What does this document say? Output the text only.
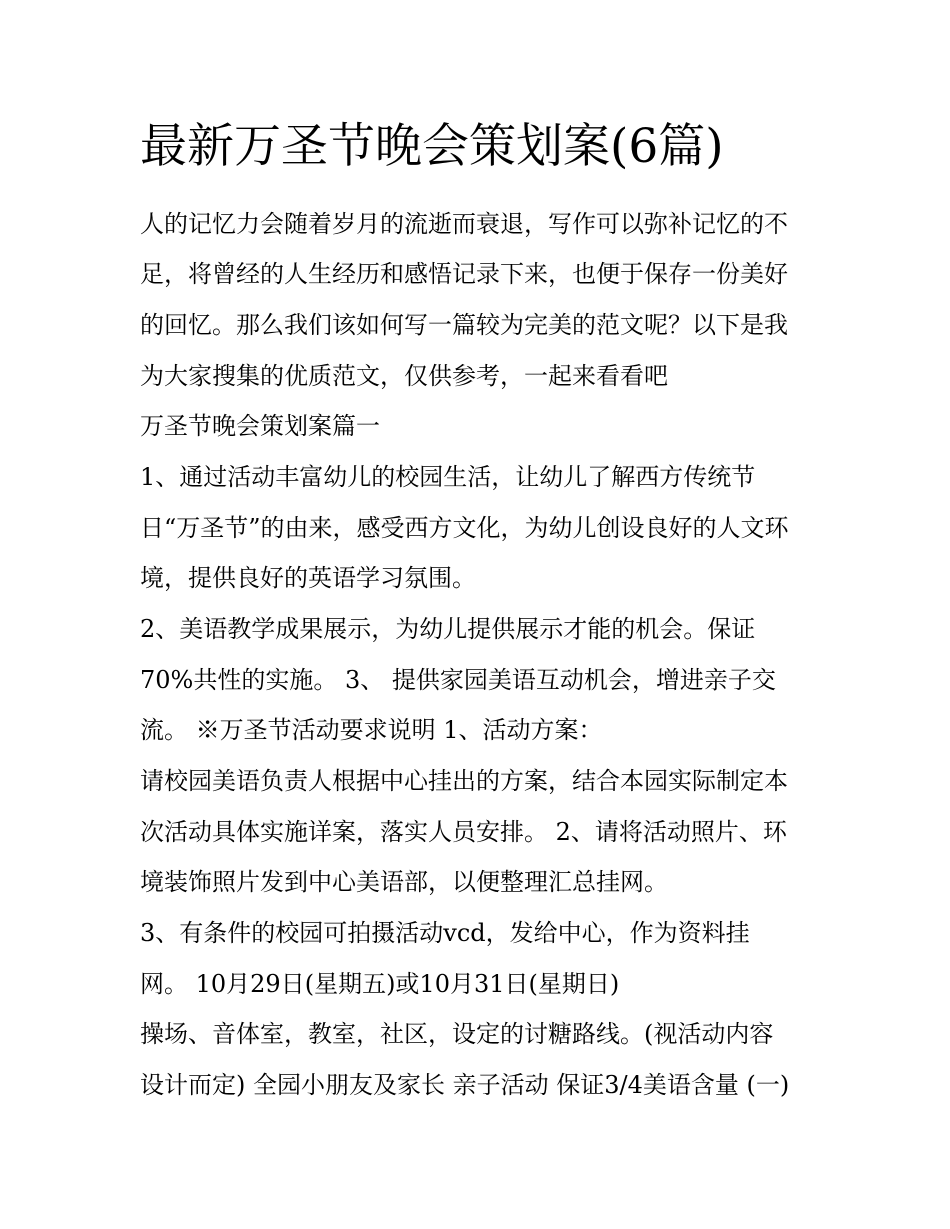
最新万圣节晚会策划案(6篇)

人的记忆力会随着岁月的流逝而衰退，写作可以弥补记忆的不

足，将曾经的人生经历和感悟记录下来，也便于保存一份美好

的回忆。那么我们该如何写一篇较为完美的范文呢？以下是我

为大家搜集的优质范文，仅供参考，一起来看看吧

万圣节晚会策划案篇一

1、通过活动丰富幼儿的校园生活，让幼儿了解西方传统节

日“万圣节”的由来，感受西方文化，为幼儿创设良好的人文环

境，提供良好的英语学习氛围。

2、美语教学成果展示，为幼儿提供展示才能的机会。保证

70%共性的实施。 3、 提供家园美语互动机会，增进亲子交

流。 ※万圣节活动要求说明 1、活动方案：

请校园美语负责人根据中心挂出的方案，结合本园实际制定本

次活动具体实施详案，落实人员安排。 2、请将活动照片、环

境装饰照片发到中心美语部，以便整理汇总挂网。

3、有条件的校园可拍摄活动vcd，发给中心，作为资料挂

网。 10月29日(星期五)或10月31日(星期日)

操场、音体室，教室，社区，设定的讨糖路线。(视活动内容

设计而定) 全园小朋友及家长 亲子活动 保证3/4美语含量 (一)
